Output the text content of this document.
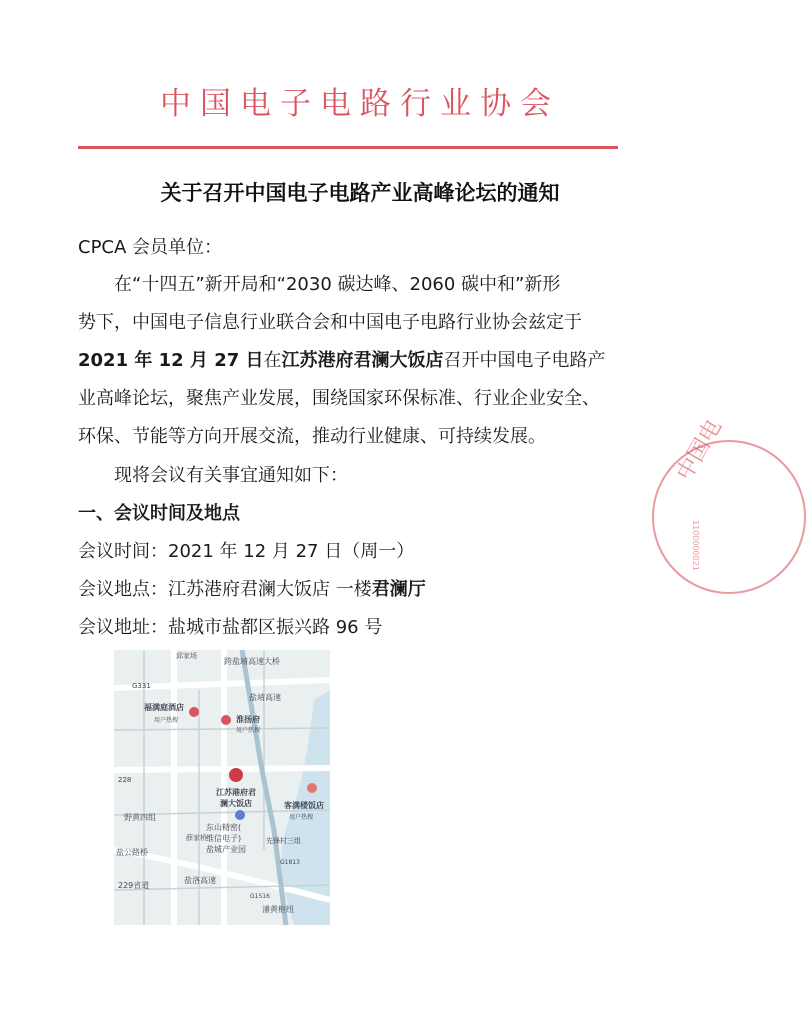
中国电子电路行业协会
关于召开中国电子电路产业高峰论坛的通知
CPCA 会员单位：
在“十四五”新开局和“2030 碳达峰、2060 碳中和”新形
势下，中国电子信息行业联合会和中国电子电路行业协会兹定于
2021 年 12 月 27 日在江苏港府君澜大饭店召开中国电子电路产
业高峰论坛，聚焦产业发展，围绕国家环保标准、行业企业安全、
环保、节能等方向开展交流，推动行业健康、可持续发展。
现将会议有关事宜通知如下：
一、会议时间及地点
会议时间：2021 年 12 月 27 日（周一）
会议地点：江苏港府君澜大饭店 一楼君澜厅
会议地址：盐城市盐都区振兴路 96 号
邱家场
跨盐靖高速大桥
G331
盐靖高速
福满庭酒店
用户热搜	淮扬府
用户热搜
江苏港府君
澜大饭店	客满楼饭店
用户热搜
228
野黄四组
薛家桥
东山精密(
维信电子)
盐城产业园
先锋村三组
G1813
盐公路桥
盐洛高速
229省道
G1516
潘黄枢纽
中国电
1100000021
